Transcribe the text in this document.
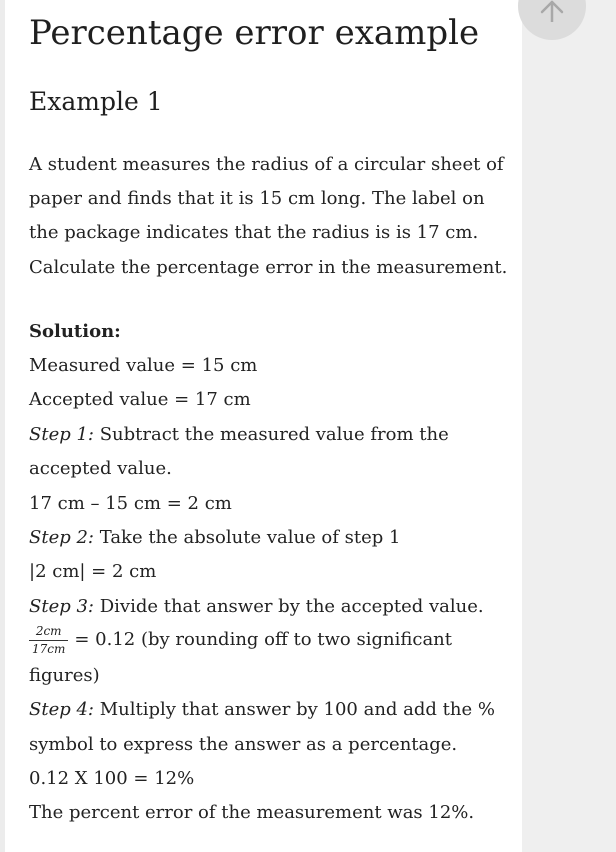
Percentage error example
Example 1
A student measures the radius of a circular sheet of
paper and finds that it is 15 cm long. The label on
the package indicates that the radius is is 17 cm.
Calculate the percentage error in the measurement.
Solution:
Measured value = 15 cm
Accepted value = 17 cm
Step 1: Subtract the measured value from the
accepted value.
17 cm – 15 cm = 2 cm
Step 2: Take the absolute value of step 1
|2 cm| = 2 cm
Step 3: Divide that answer by the accepted value.
$\frac{2cm}{17cm} = 0.12$ (by rounding off to two significant
figures)
Step 4: Multiply that answer by 100 and add the %
symbol to express the answer as a percentage.
0.12 X 100 = 12%
The percent error of the measurement was 12%.
